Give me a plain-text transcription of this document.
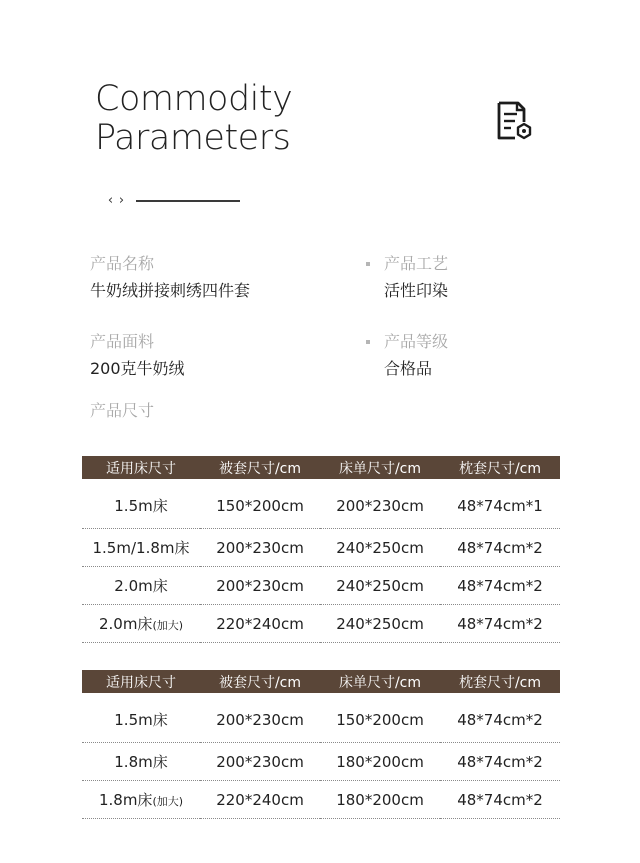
Commodity
Parameters
‹ ›
产品名称
牛奶绒拼接刺绣四件套
产品工艺
活性印染
产品面料
200克牛奶绒
产品等级
合格品
产品尺寸
适用床尺寸	被套尺寸/cm	床单尺寸/cm	枕套尺寸/cm
1.5m床	150*200cm	200*230cm	48*74cm*1
1.5m/1.8m床	200*230cm	240*250cm	48*74cm*2
2.0m床	200*230cm	240*250cm	48*74cm*2
2.0m床(加大)	220*240cm	240*250cm	48*74cm*2
适用床尺寸	被套尺寸/cm	床单尺寸/cm	枕套尺寸/cm
1.5m床	200*230cm	150*200cm	48*74cm*2
1.8m床	200*230cm	180*200cm	48*74cm*2
1.8m床(加大)	220*240cm	180*200cm	48*74cm*2
